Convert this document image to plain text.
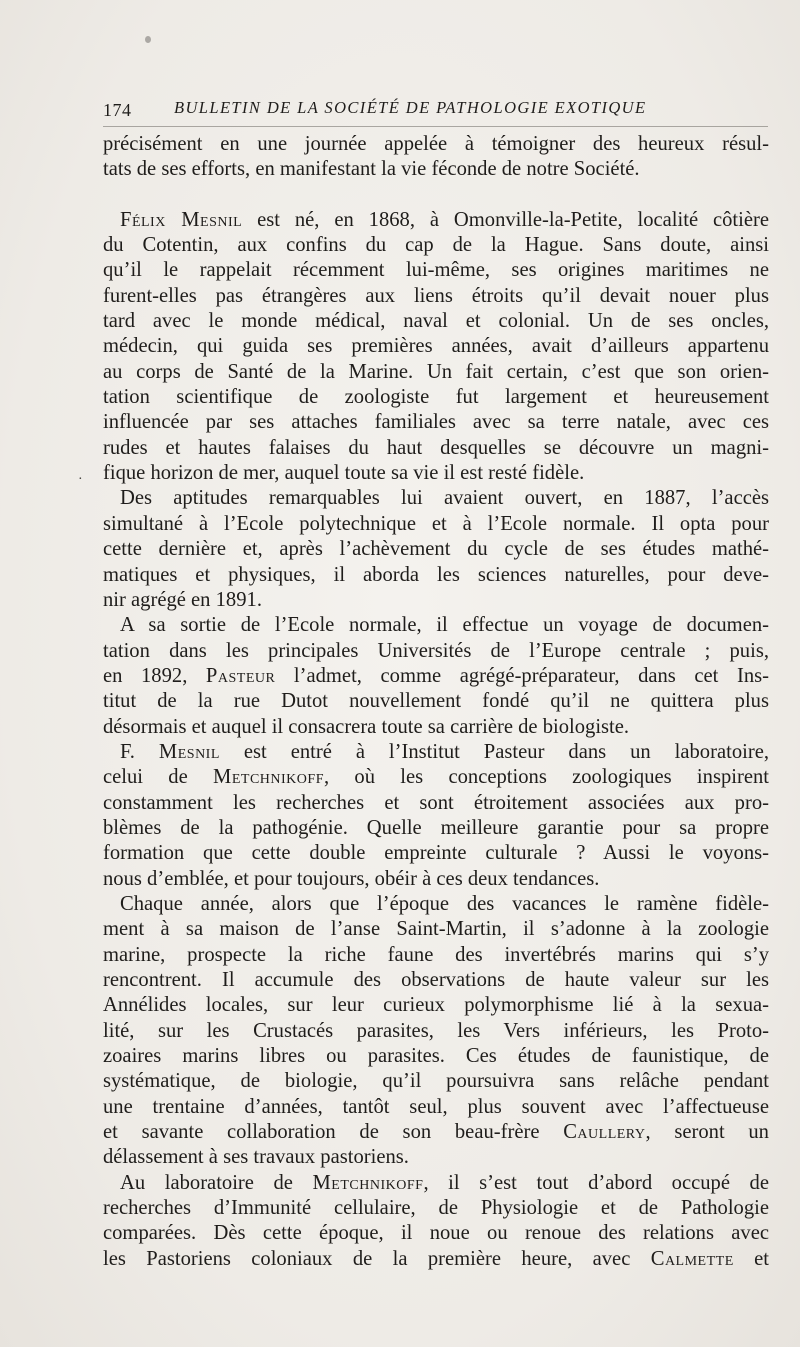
174	BULLETIN DE LA SOCIÉTÉ DE PATHOLOGIE EXOTIQUE
·
précisément en une journée appelée à témoigner des heureux résul-
tats de ses efforts, en manifestant la vie féconde de notre Société.
Félix Mesnil est né, en 1868, à Omonville-la-Petite, localité côtière
du Cotentin, aux confins du cap de la Hague. Sans doute, ainsi
qu’il le rappelait récemment lui-même, ses origines maritimes ne
furent-elles pas étrangères aux liens étroits qu’il devait nouer plus
tard avec le monde médical, naval et colonial. Un de ses oncles,
médecin, qui guida ses premières années, avait d’ailleurs appartenu
au corps de Santé de la Marine. Un fait certain, c’est que son orien-
tation scientifique de zoologiste fut largement et heureusement
influencée par ses attaches familiales avec sa terre natale, avec ces
rudes et hautes falaises du haut desquelles se découvre un magni-
fique horizon de mer, auquel toute sa vie il est resté fidèle.
Des aptitudes remarquables lui avaient ouvert, en 1887, l’accès
simultané à l’Ecole polytechnique et à l’Ecole normale. Il opta pour
cette dernière et, après l’achèvement du cycle de ses études mathé-
matiques et physiques, il aborda les sciences naturelles, pour deve-
nir agrégé en 1891.
A sa sortie de l’Ecole normale, il effectue un voyage de documen-
tation dans les principales Universités de l’Europe centrale ; puis,
en 1892, Pasteur l’admet, comme agrégé-préparateur, dans cet Ins-
titut de la rue Dutot nouvellement fondé qu’il ne quittera plus
désormais et auquel il consacrera toute sa carrière de biologiste.
F. Mesnil est entré à l’Institut Pasteur dans un laboratoire,
celui de Metchnikoff, où les conceptions zoologiques inspirent
constamment les recherches et sont étroitement associées aux pro-
blèmes de la pathogénie. Quelle meilleure garantie pour sa propre
formation que cette double empreinte culturale ? Aussi le voyons-
nous d’emblée, et pour toujours, obéir à ces deux tendances.
Chaque année, alors que l’époque des vacances le ramène fidèle-
ment à sa maison de l’anse Saint-Martin, il s’adonne à la zoologie
marine, prospecte la riche faune des invertébrés marins qui s’y
rencontrent. Il accumule des observations de haute valeur sur les
Annélides locales, sur leur curieux polymorphisme lié à la sexua-
lité, sur les Crustacés parasites, les Vers inférieurs, les Proto-
zoaires marins libres ou parasites. Ces études de faunistique, de
systématique, de biologie, qu’il poursuivra sans relâche pendant
une trentaine d’années, tantôt seul, plus souvent avec l’affectueuse
et savante collaboration de son beau-frère Caullery, seront un
délassement à ses travaux pastoriens.
Au laboratoire de Metchnikoff, il s’est tout d’abord occupé de
recherches d’Immunité cellulaire, de Physiologie et de Pathologie
comparées. Dès cette époque, il noue ou renoue des relations avec
les Pastoriens coloniaux de la première heure, avec Calmette et
